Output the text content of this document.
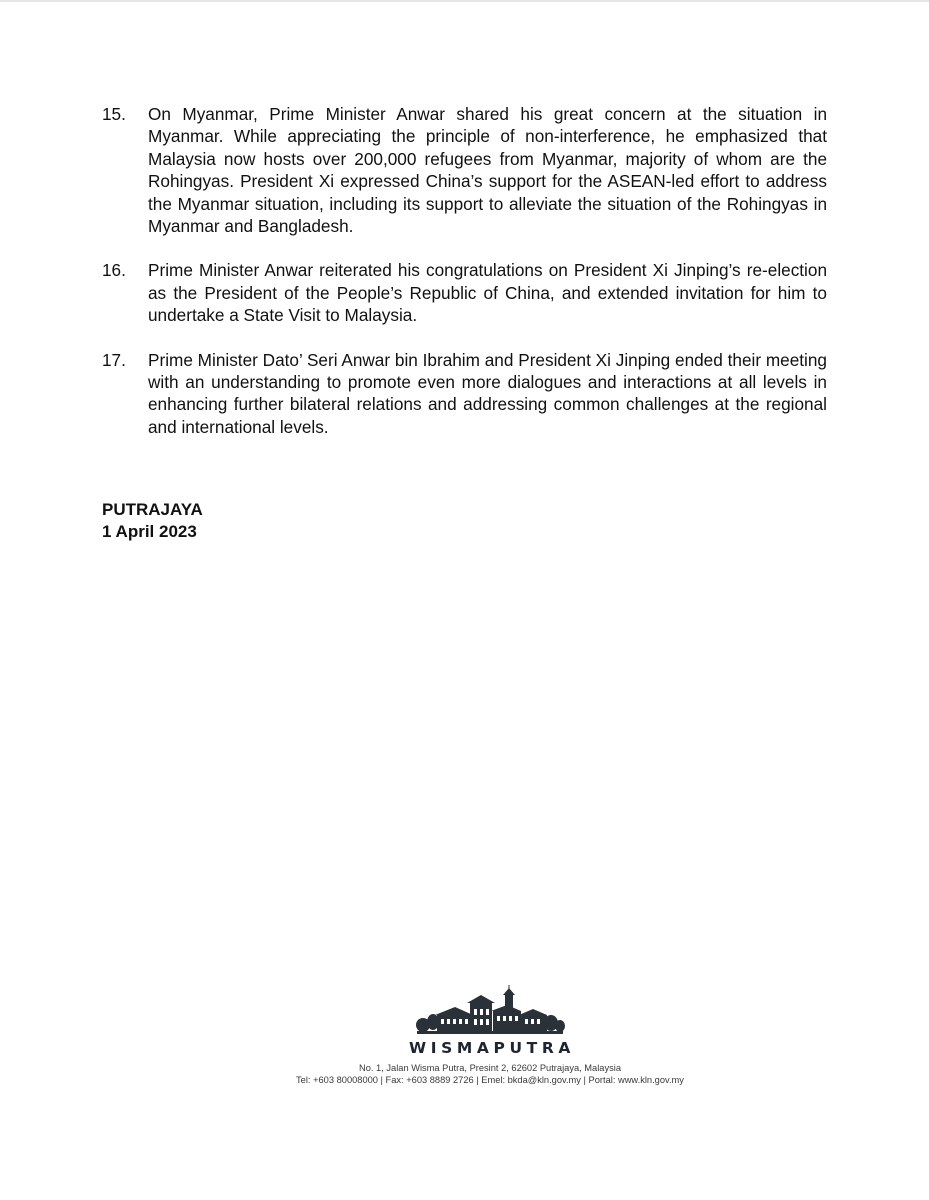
15.	On Myanmar, Prime Minister Anwar shared his great concern at the situation in Myanmar. While appreciating the principle of non-interference, he emphasized that Malaysia now hosts over 200,000 refugees from Myanmar, majority of whom are the Rohingyas. President Xi expressed China’s support for the ASEAN-led effort to address the Myanmar situation, including its support to alleviate the situation of the Rohingyas in Myanmar and Bangladesh.
16.	Prime Minister Anwar reiterated his congratulations on President Xi Jinping’s re-election as the President of the People’s Republic of China, and extended invitation for him to undertake a State Visit to Malaysia.
17.	Prime Minister Dato’ Seri Anwar bin Ibrahim and President Xi Jinping ended their meeting with an understanding to promote even more dialogues and interactions at all levels in enhancing further bilateral relations and addressing common challenges at the regional and international levels.
PUTRAJAYA
1 April 2023
WISMAPUTRA
No. 1, Jalan Wisma Putra, Presint 2, 62602 Putrajaya, Malaysia
Tel: +603 80008000 | Fax: +603 8889 2726 | Emel: bkda@kln.gov.my | Portal: www.kln.gov.my
